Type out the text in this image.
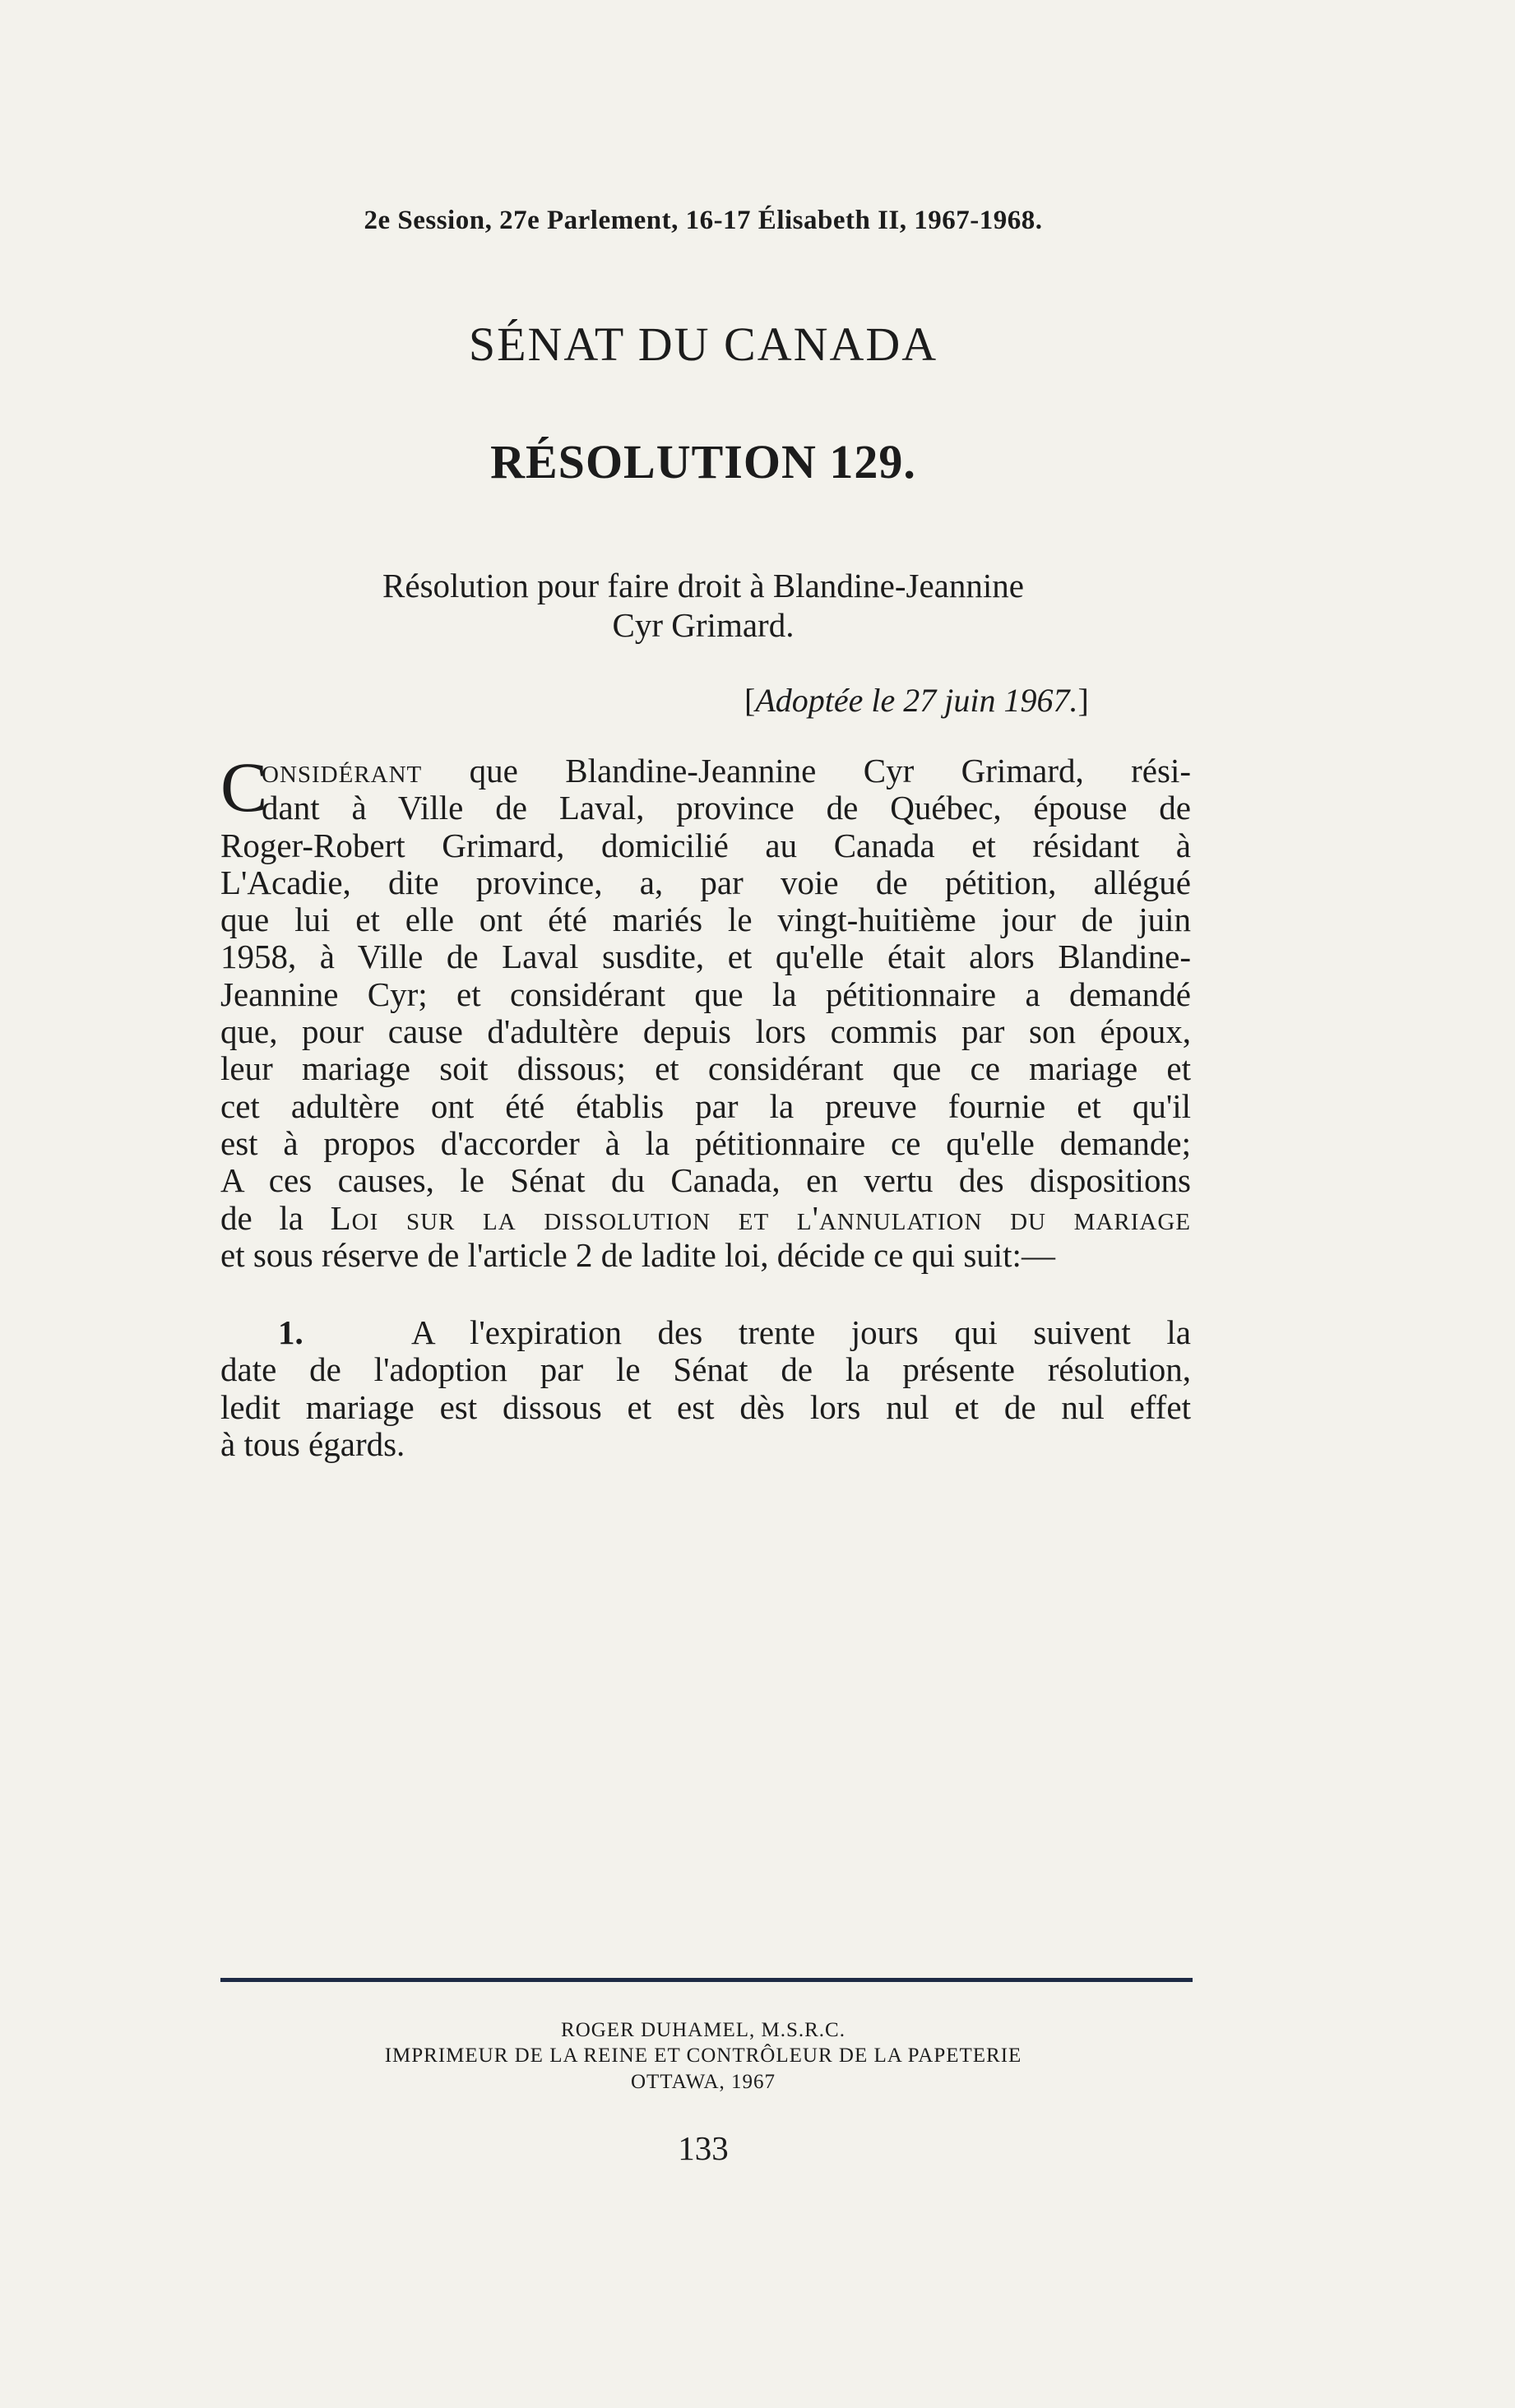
2e Session, 27e Parlement, 16-17 Élisabeth II, 1967-1968.
SÉNAT DU CANADA
RÉSOLUTION 129.
Résolution pour faire droit à Blandine-Jeannine
Cyr Grimard.
[Adoptée le 27 juin 1967.]
C
onsidérant que Blandine-Jeannine Cyr Grimard, rési-
dant à Ville de Laval, province de Québec, épouse de
Roger-Robert Grimard, domicilié au Canada et résidant à
L'Acadie, dite province, a, par voie de pétition, allégué
que lui et elle ont été mariés le vingt-huitième jour de juin
1958, à Ville de Laval susdite, et qu'elle était alors Blandine-
Jeannine Cyr; et considérant que la pétitionnaire a demandé
que, pour cause d'adultère depuis lors commis par son époux,
leur mariage soit dissous; et considérant que ce mariage et
cet adultère ont été établis par la preuve fournie et qu'il
est à propos d'accorder à la pétitionnaire ce qu'elle demande;
A ces causes, le Sénat du Canada, en vertu des dispositions
de la Loi sur la dissolution et l'annulation du mariage
et sous réserve de l'article 2 de ladite loi, décide ce qui suit:—
1.	A l'expiration des trente jours qui suivent la
date de l'adoption par le Sénat de la présente résolution,
ledit mariage est dissous et est dès lors nul et de nul effet
à tous égards.
ROGER DUHAMEL, M.S.R.C.
IMPRIMEUR DE LA REINE ET CONTRÔLEUR DE LA PAPETERIE
OTTAWA, 1967
133
